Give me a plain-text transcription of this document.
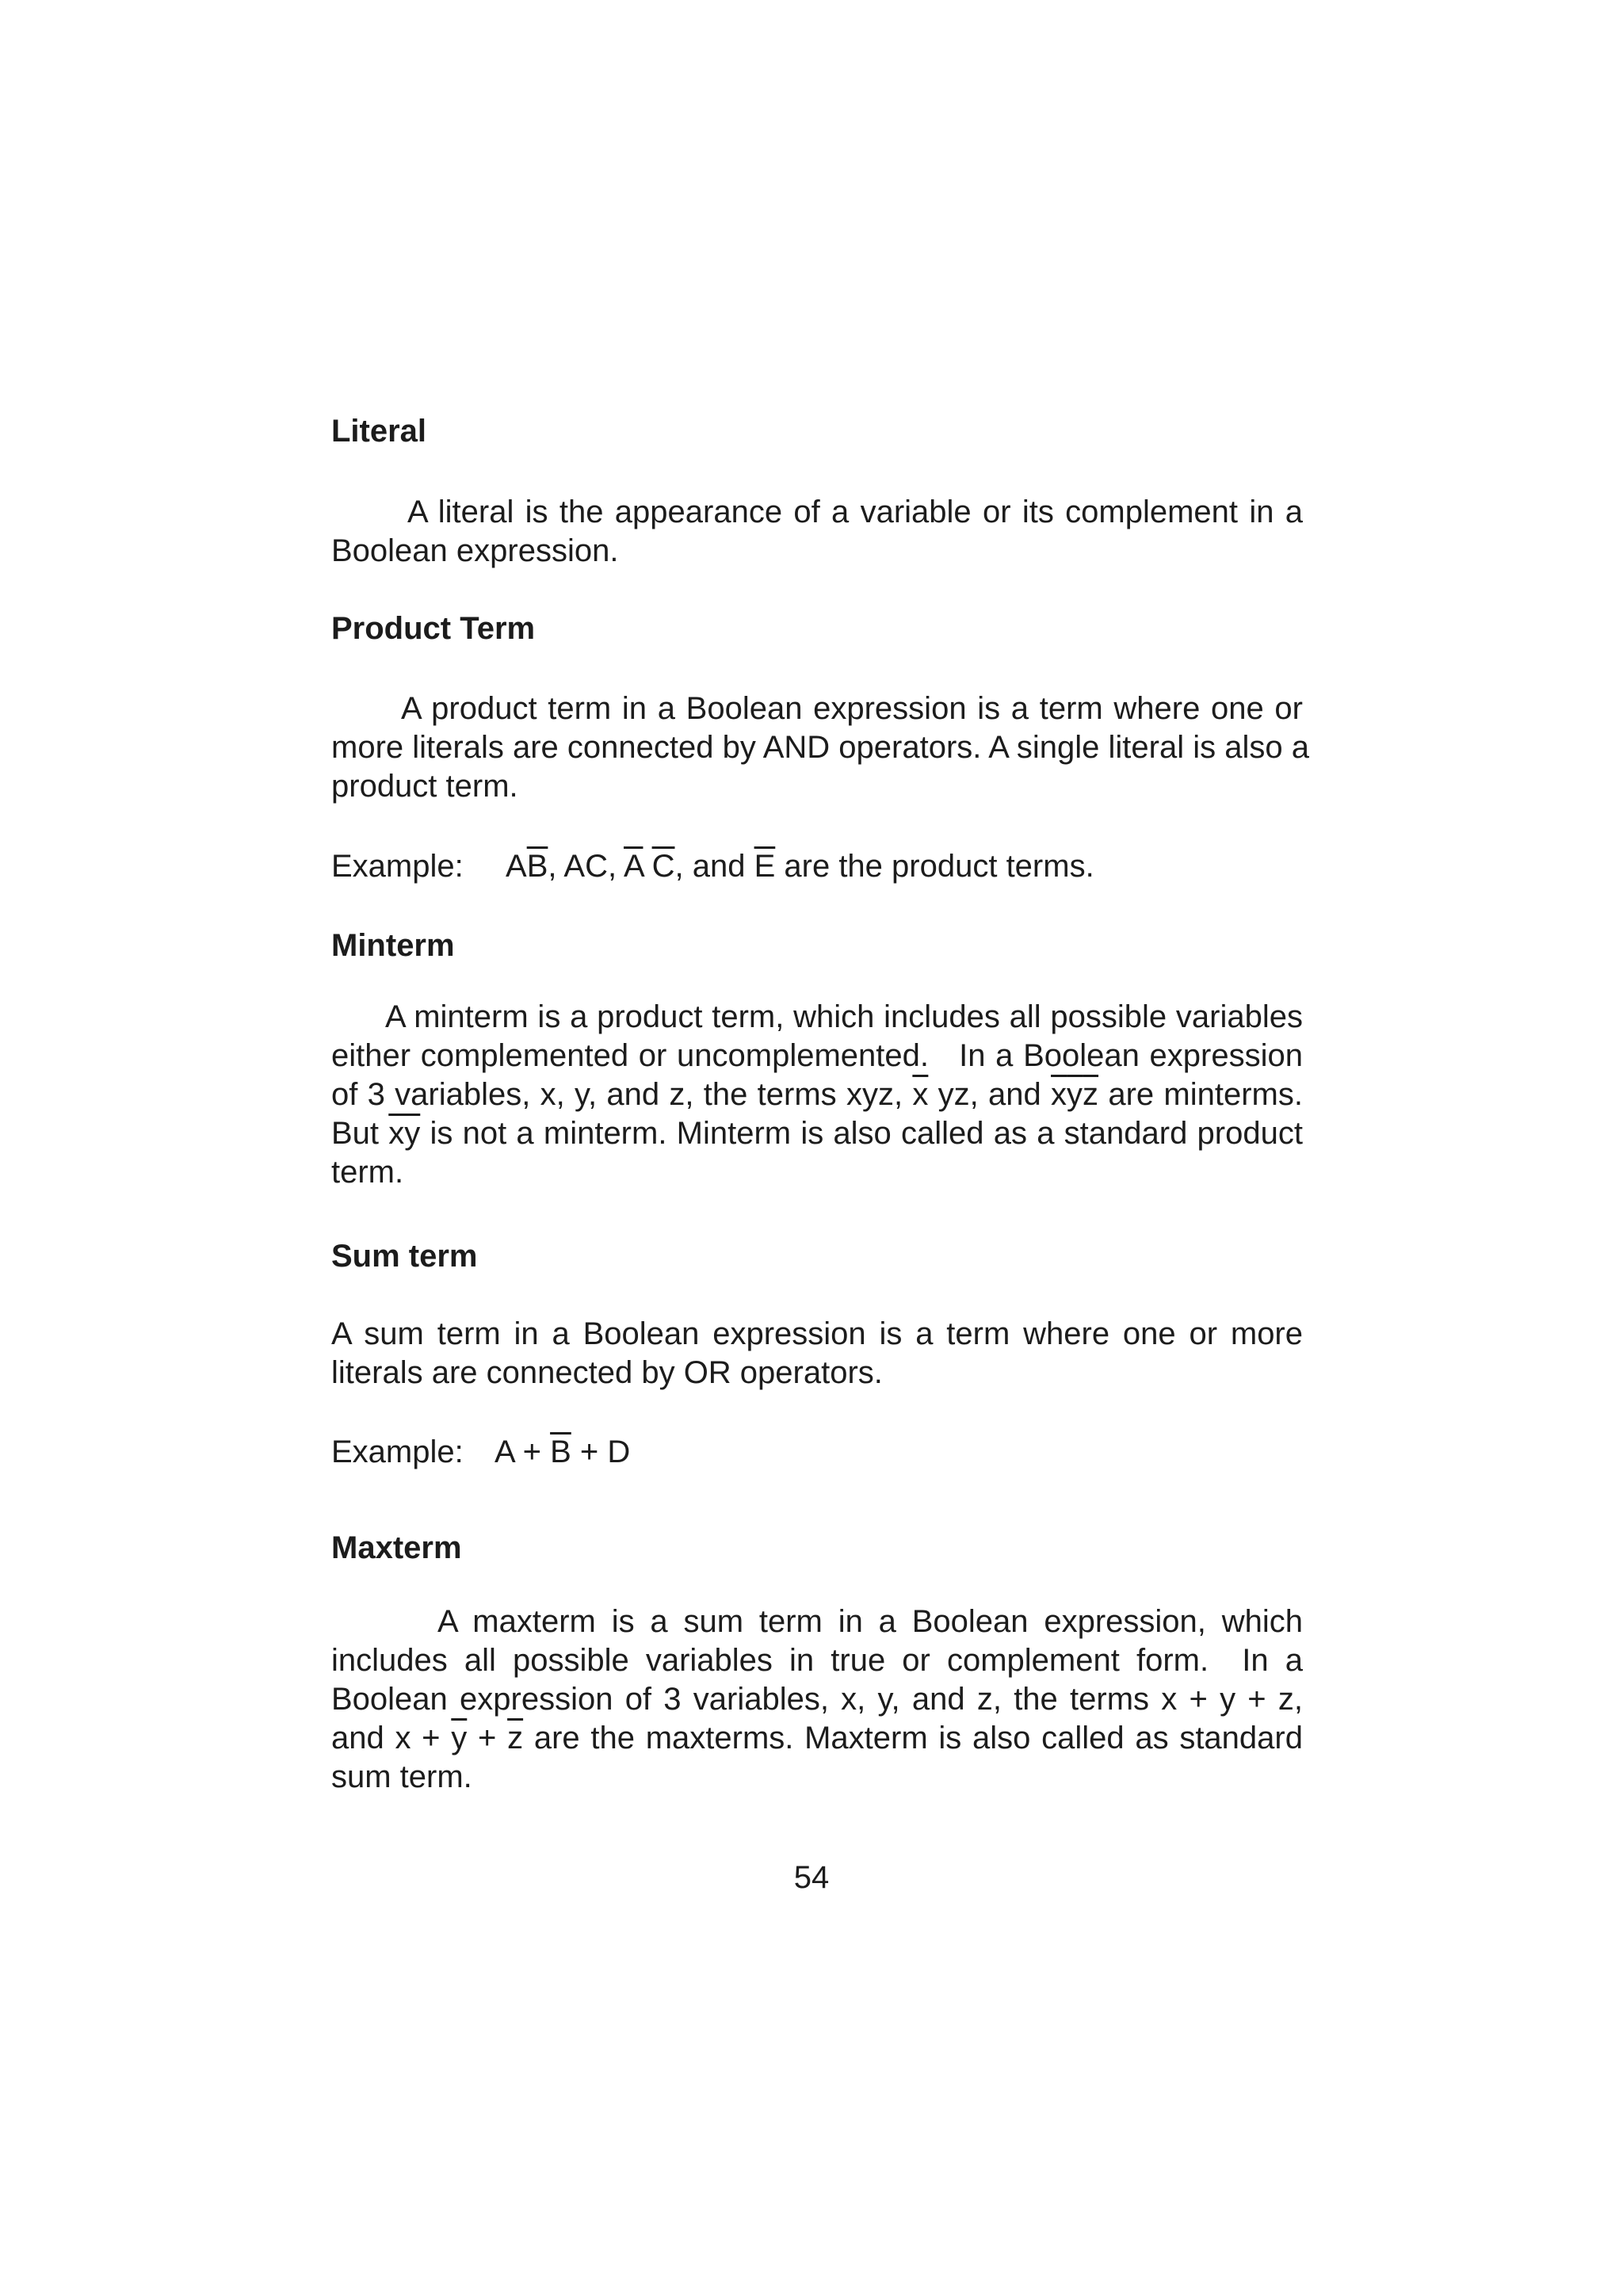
Literal
A literal is the appearance of a variable or its complement in a
Boolean expression.
Product Term
A product term in a Boolean expression is a term where one or
more literals are connected by AND operators. A single literal is also a
product term.
Example: $A\overline{B}$, AC, $\overline{A}$ $\overline{C}$, and $\overline{E}$ are the product terms.
Minterm
A minterm is a product term, which includes all possible variables
either complemented or uncomplemented.   In a Boolean expression
of 3 variables, x, y, and z, the terms xyz, $\overline{x}$ yz, and $\overline{x}\overline{y}\overline{z}$ are minterms.
But $\overline{xy}$ is not a minterm. Minterm is also called as a standard product
term.
Sum term
A sum term in a Boolean expression is a term where one or more
literals are connected by OR operators.
Example: $A + \overline{B} + D$
Maxterm
A maxterm is a sum term in a Boolean expression, which
includes all possible variables in true or complement form.  In a
Boolean expression of 3 variables, x, y, and z, the terms x + y + z,
and $x + \overline{y} + \overline{z}$ are the maxterms. Maxterm is also called as standard
sum term.
54
